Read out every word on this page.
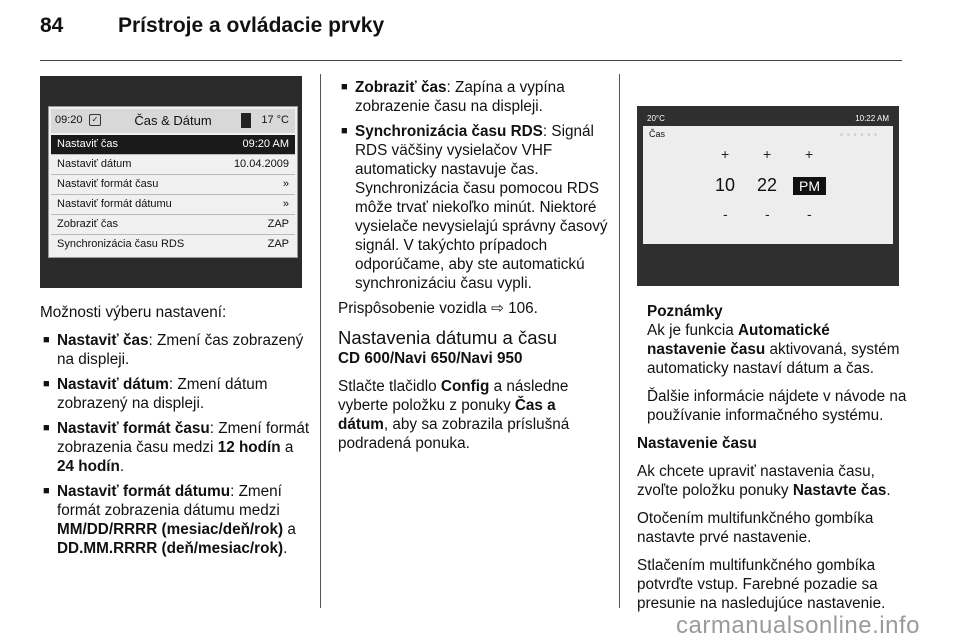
84	Prístroje a ovládacie prvky
09:20	✓	Čas & Dátum	17 °C
Nastaviť čas	09:20 AM
Nastaviť dátum	10.04.2009
Nastaviť formát času	»
Nastaviť formát dátumu	»
Zobraziť čas	ZAP
Synchronizácia času RDS	ZAP

Možnosti výberu nastavení:

■ Nastaviť čas: Zmení čas zobrazený na displeji.
■ Nastaviť dátum: Zmení dátum zobrazený na displeji.
■ Nastaviť formát času: Zmení formát zobrazenia času medzi 12 hodín a 24 hodín.
■ Nastaviť formát dátumu: Zmení formát zobrazenia dátumu medzi MM/DD/RRRR (mesiac/deň/rok) a DD.MM.RRRR (deň/mesiac/rok).
■ Zobraziť čas: Zapína a vypína zobrazenie času na displeji.
■ Synchronizácia času RDS: Signál RDS väčšiny vysielačov VHF automaticky nastavuje čas. Synchronizácia času pomocou RDS môže trvať niekoľko minút. Niektoré vysielače nevysielajú správny časový signál. V takýchto prípadoch odporúčame, aby ste automatickú synchronizáciu času vypli.

Prispôsobenie vozidla ⇨ 106.

Nastavenia dátumu a času

CD 600/Navi 650/Navi 950

Stlačte tlačidlo Config a následne vyberte položku z ponuky Čas a dátum, aby sa zobrazila príslušná podradená ponuka.

20°C	10:22 AM
Čas	◦◦◦◦◦◦
+ + +
10 22	PM
-	-	-

Poznámky

Ak je funkcia Automatické nastavenie času aktivovaná, systém automaticky nastaví dátum a čas.

Ďalšie informácie nájdete v návode na používanie informačného systému.

Nastavenie času

Ak chcete upraviť nastavenia času, zvoľte položku ponuky Nastavte čas.

Otočením multifunkčného gombíka nastavte prvé nastavenie.

Stlačením multifunkčného gombíka potvrďte vstup. Farebné pozadie sa presunie na nasledujúce nastavenie.

carmanualsonline.info
